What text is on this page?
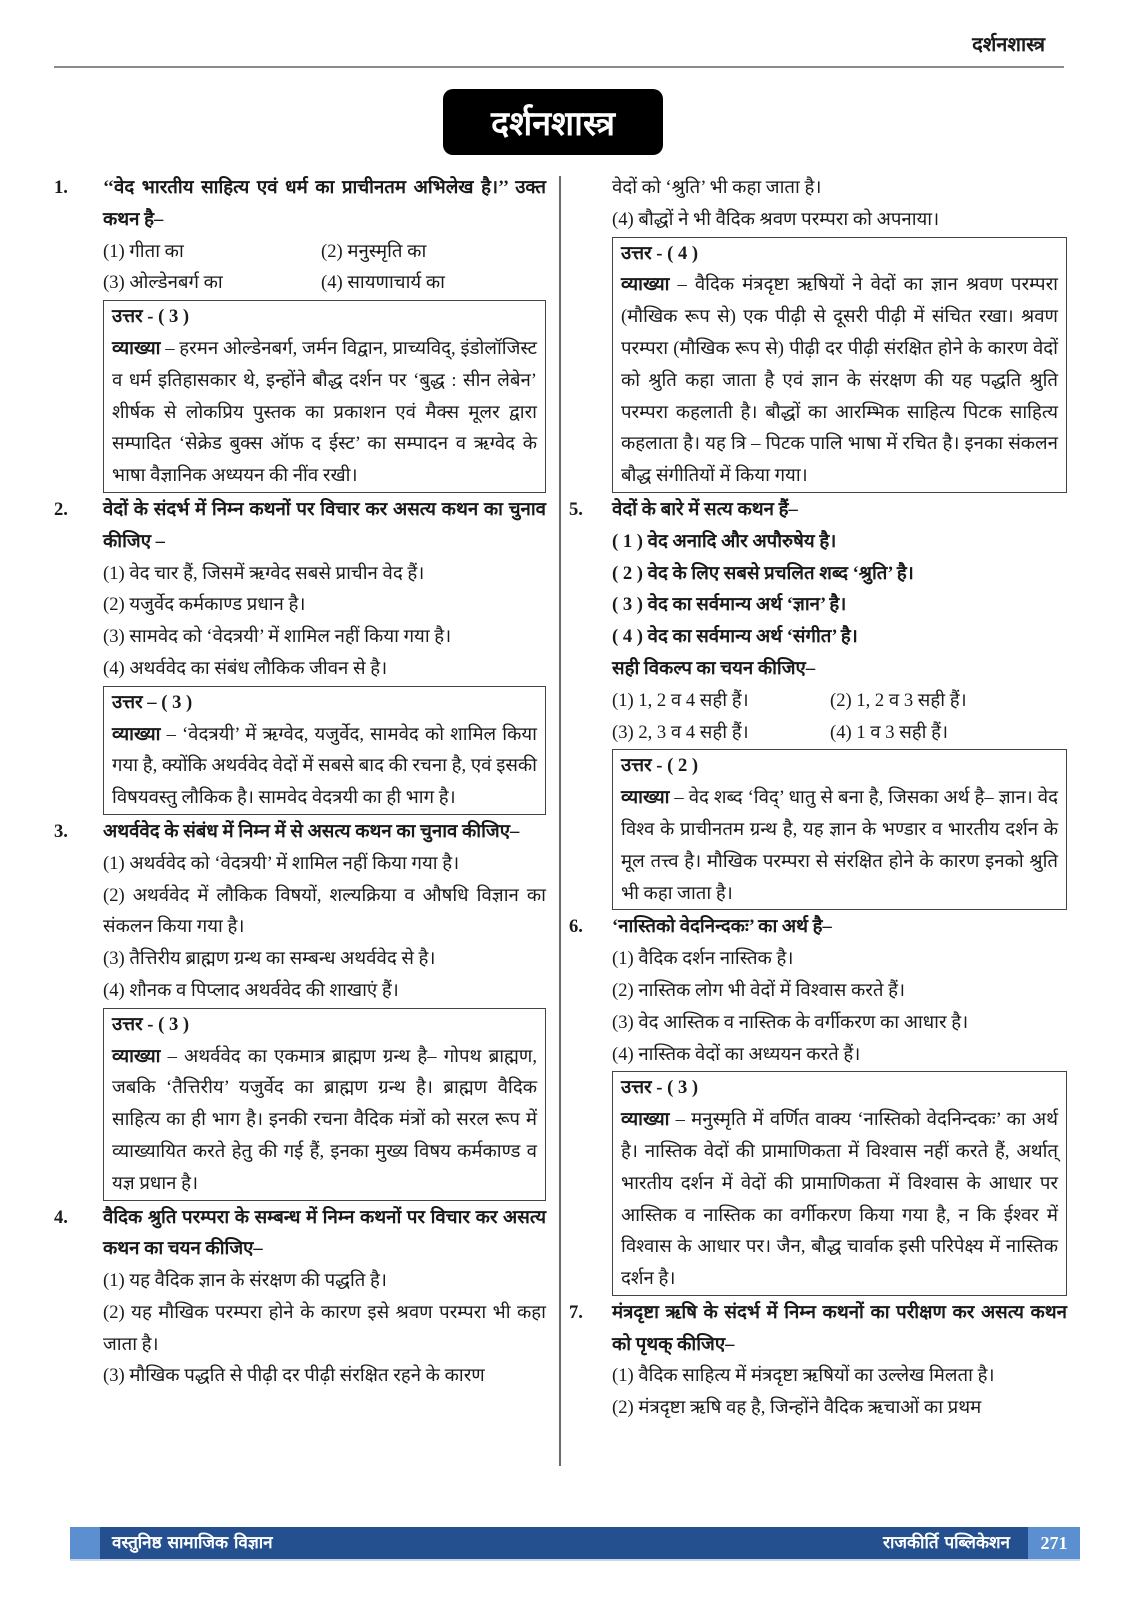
दर्शनशास्त्र
दर्शनशास्त्र
1. ‘‘वेद भारतीय साहित्य एवं धर्म का प्राचीनतम अभिलेख है।’’ उक्त कथन है–
(1) गीता का	(2) मनुस्मृति का
(3) ओल्डेनबर्ग का	(4) सायणाचार्य का
उत्तर - ( 3 )
व्याख्या – हरमन ओल्डेनबर्ग, जर्मन विद्वान, प्राच्यविद्, इंडोलॉजिस्ट व धर्म इतिहासकार थे, इन्होंने बौद्ध दर्शन पर ‘बुद्ध : सीन लेबेन’ शीर्षक से लोकप्रिय पुस्तक का प्रकाशन एवं मैक्स मूलर द्वारा सम्पादित ‘सेक्रेड बुक्स ऑफ द ईस्ट’ का सम्पादन व ऋग्वेद के भाषा वैज्ञानिक अध्ययन की नींव रखी।
2. वेदों के संदर्भ में निम्न कथनों पर विचार कर असत्य कथन का चुनाव कीजिए –
(1) वेद चार हैं, जिसमें ऋग्वेद सबसे प्राचीन वेद हैं।
(2) यजुर्वेद कर्मकाण्ड प्रधान है।
(3) सामवेद को ‘वेदत्रयी’ में शामिल नहीं किया गया है।
(4) अथर्ववेद का संबंध लौकिक जीवन से है।
उत्तर – ( 3 )
व्याख्या – ‘वेदत्रयी’ में ऋग्वेद, यजुर्वेद, सामवेद को शामिल किया गया है, क्योंकि अथर्ववेद वेदों में सबसे बाद की रचना है, एवं इसकी विषयवस्तु लौकिक है। सामवेद वेदत्रयी का ही भाग है।
3. अथर्ववेद के संबंध में निम्न में से असत्य कथन का चुनाव कीजिए–
(1) अथर्ववेद को ‘वेदत्रयी’ में शामिल नहीं किया गया है।
(2) अथर्ववेद में लौकिक विषयों, शल्यक्रिया व औषधि विज्ञान का संकलन किया गया है।
(3) तैत्तिरीय ब्राह्मण ग्रन्थ का सम्बन्ध अथर्ववेद से है।
(4) शौनक व पिप्लाद अथर्ववेद की शाखाएं हैं।
उत्तर - ( 3 )
व्याख्या – अथर्ववेद का एकमात्र ब्राह्मण ग्रन्थ है– गोपथ ब्राह्मण, जबकि ‘तैत्तिरीय’ यजुर्वेद का ब्राह्मण ग्रन्थ है। ब्राह्मण वैदिक साहित्य का ही भाग है। इनकी रचना वैदिक मंत्रों को सरल रूप में व्याख्यायित करते हेतु की गई हैं, इनका मुख्य विषय कर्मकाण्ड व यज्ञ प्रधान है।
4. वैदिक श्रुति परम्परा के सम्बन्ध में निम्न कथनों पर विचार कर असत्य कथन का चयन कीजिए–
(1) यह वैदिक ज्ञान के संरक्षण की पद्धति है।
(2) यह मौखिक परम्परा होने के कारण इसे श्रवण परम्परा भी कहा जाता है।
(3) मौखिक पद्धति से पीढ़ी दर पीढ़ी संरक्षित रहने के कारण
वेदों को ‘श्रुति’ भी कहा जाता है।
(4) बौद्धों ने भी वैदिक श्रवण परम्परा को अपनाया।
उत्तर - ( 4 )
व्याख्या – वैदिक मंत्रदृष्टा ऋषियों ने वेदों का ज्ञान श्रवण परम्परा (मौखिक रूप से) एक पीढ़ी से दूसरी पीढ़ी में संचित रखा। श्रवण परम्परा (मौखिक रूप से) पीढ़ी दर पीढ़ी संरक्षित होने के कारण वेदों को श्रुति कहा जाता है एवं ज्ञान के संरक्षण की यह पद्धति श्रुति परम्परा कहलाती है। बौद्धों का आरम्भिक साहित्य पिटक साहित्य कहलाता है। यह त्रि – पिटक पालि भाषा में रचित है। इनका संकलन बौद्ध संगीतियों में किया गया।
5. वेदों के बारे में सत्य कथन हैं–
( 1 ) वेद अनादि और अपौरुषेय है।
( 2 ) वेद के लिए सबसे प्रचलित शब्द ‘श्रुति’ है।
( 3 ) वेद का सर्वमान्य अर्थ ‘ज्ञान’ है।
( 4 ) वेद का सर्वमान्य अर्थ ‘संगीत’ है।
सही विकल्प का चयन कीजिए–
(1) 1, 2 व 4 सही हैं।	(2) 1, 2 व 3 सही हैं।
(3) 2, 3 व 4 सही हैं।	(4) 1 व 3 सही हैं।
उत्तर - ( 2 )
व्याख्या – वेद शब्द ‘विद्’ धातु से बना है, जिसका अर्थ है– ज्ञान। वेद विश्व के प्राचीनतम ग्रन्थ है, यह ज्ञान के भण्डार व भारतीय दर्शन के मूल तत्त्व है। मौखिक परम्परा से संरक्षित होने के कारण इनको श्रुति भी कहा जाता है।
6. ‘नास्तिको वेदनिन्दकः’ का अर्थ है–
(1) वैदिक दर्शन नास्तिक है।
(2) नास्तिक लोग भी वेदों में विश्वास करते हैं।
(3) वेद आस्तिक व नास्तिक के वर्गीकरण का आधार है।
(4) नास्तिक वेदों का अध्ययन करते हैं।
उत्तर - ( 3 )
व्याख्या – मनुस्मृति में वर्णित वाक्य ‘नास्तिको वेदनिन्दकः’ का अर्थ है। नास्तिक वेदों की प्रामाणिकता में विश्वास नहीं करते हैं, अर्थात् भारतीय दर्शन में वेदों की प्रामाणिकता में विश्वास के आधार पर आस्तिक व नास्तिक का वर्गीकरण किया गया है, न कि ईश्वर में विश्वास के आधार पर। जैन, बौद्ध चार्वाक इसी परिपेक्ष्य में नास्तिक दर्शन है।
7. मंत्रदृष्टा ऋषि के संदर्भ में निम्न कथनों का परीक्षण कर असत्य कथन को पृथक् कीजिए–
(1) वैदिक साहित्य में मंत्रदृष्टा ऋषियों का उल्लेख मिलता है।
(2) मंत्रदृष्टा ऋषि वह है, जिन्होंने वैदिक ऋचाओं का प्रथम
वस्तुनिष्ठ सामाजिक विज्ञान	राजकीर्ति पब्लिकेशन	271
